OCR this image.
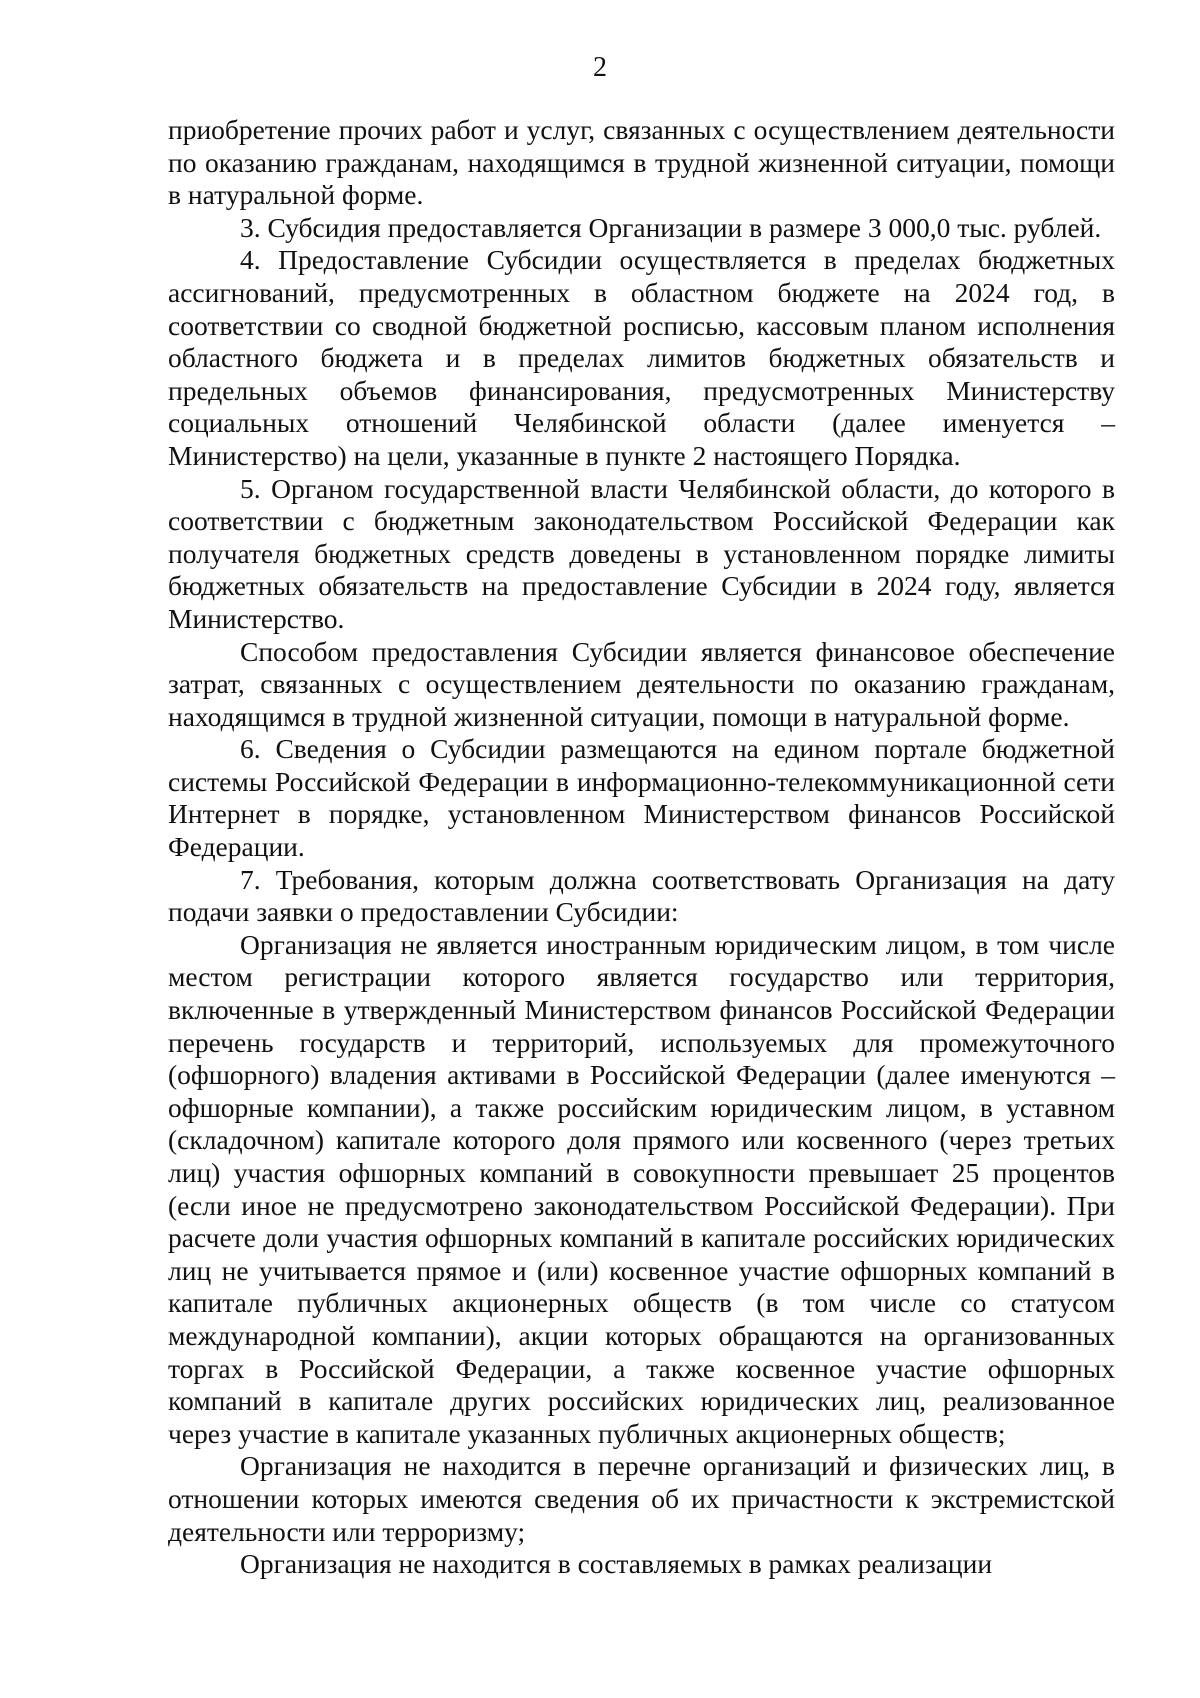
2

приобретение прочих работ и услуг, связанных с осуществлением деятельности по оказанию гражданам, находящимся в трудной жизненной ситуации, помощи в натуральной форме.

3. Субсидия предоставляется Организации в размере 3 000,0 тыс. рублей.

4. Предоставление Субсидии осуществляется в пределах бюджетных ассигнований, предусмотренных в областном бюджете на 2024 год, в соответствии со сводной бюджетной росписью, кассовым планом исполнения областного бюджета и в пределах лимитов бюджетных обязательств и предельных объемов финансирования, предусмотренных Министерству социальных отношений Челябинской области (далее именуется – Министерство) на цели, указанные в пункте 2 настоящего Порядка.

5. Органом государственной власти Челябинской области, до которого в соответствии с бюджетным законодательством Российской Федерации как получателя бюджетных средств доведены в установленном порядке лимиты бюджетных обязательств на предоставление Субсидии в 2024 году, является Министерство.

Способом предоставления Субсидии является финансовое обеспечение затрат, связанных с осуществлением деятельности по оказанию гражданам, находящимся в трудной жизненной ситуации, помощи в натуральной форме.

6. Сведения о Субсидии размещаются на едином портале бюджетной системы Российской Федерации в информационно-телекоммуникационной сети Интернет в порядке, установленном Министерством финансов Российской Федерации.

7. Требования, которым должна соответствовать Организация на дату подачи заявки о предоставлении Субсидии:

Организация не является иностранным юридическим лицом, в том числе местом регистрации которого является государство или территория, включенные в утвержденный Министерством финансов Российской Федерации перечень государств и территорий, используемых для промежуточного (офшорного) владения активами в Российской Федерации (далее именуются – офшорные компании), а также российским юридическим лицом, в уставном (складочном) капитале которого доля прямого или косвенного (через третьих лиц) участия офшорных компаний в совокупности превышает 25 процентов (если иное не предусмотрено законодательством Российской Федерации). При расчете доли участия офшорных компаний в капитале российских юридических лиц не учитывается прямое и (или) косвенное участие офшорных компаний в капитале публичных акционерных обществ (в том числе со статусом международной компании), акции которых обращаются на организованных торгах в Российской Федерации, а также косвенное участие офшорных компаний в капитале других российских юридических лиц, реализованное через участие в капитале указанных публичных акционерных обществ;

Организация не находится в перечне организаций и физических лиц, в отношении которых имеются сведения об их причастности к экстремистской деятельности или терроризму;

Организация не находится в составляемых в рамках реализации
